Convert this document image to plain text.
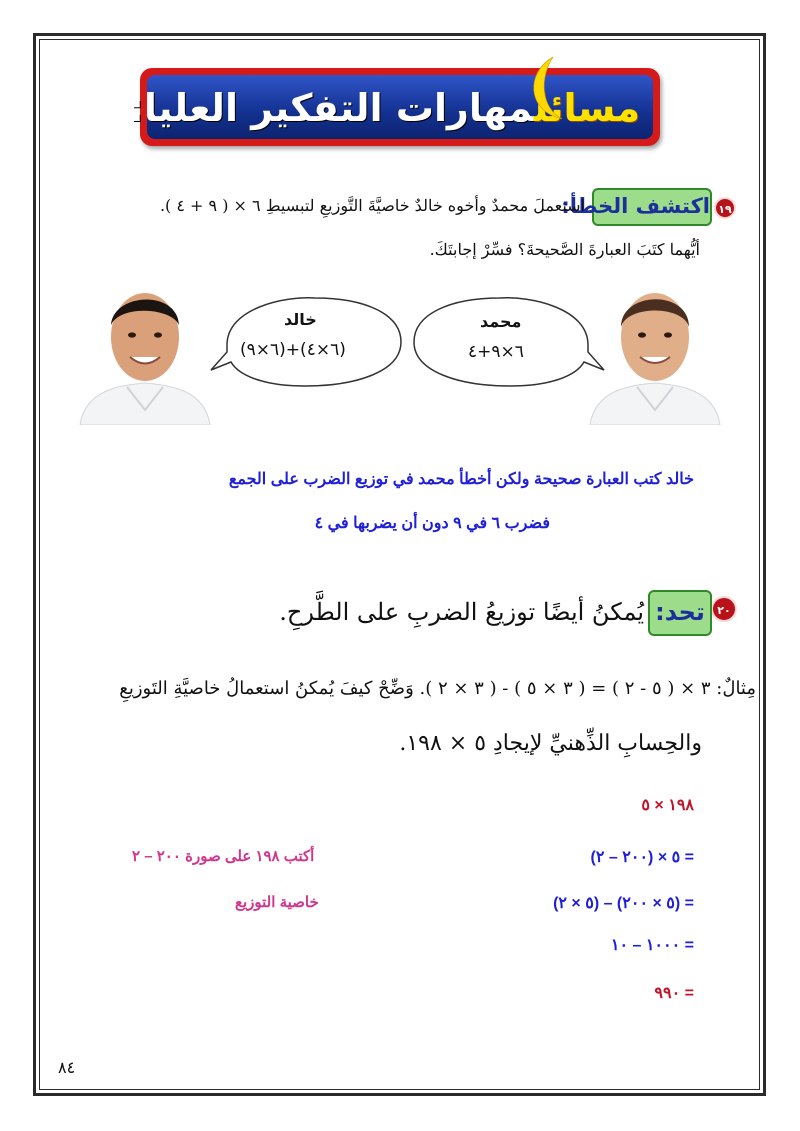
مسائلمهارات التفكير العليا:
١٩
اكتشف الخطأ:
استعملَ محمدٌ وأخوه خالدٌ خاصيَّةَ التَّوزيعِ لتبسيطِ ٦ × ( ٩ + ٤ ).
أيُّهما كتَبَ العبارةَ الصَّحيحةَ؟ فسِّرْ إجابتَكَ.
خالد
(٦×٩)+(٦×٤)
محمد
٦×٩+٤
خالد كتب العبارة صحيحة ولكن أخطأ محمد في توزيع الضرب على الجمع
فضرب ٦ في ٩ دون أن يضربها في ٤
٢٠
تحد:
يُمكنُ أيضًا توزيعُ الضربِ على الطَّرحِ.
مِثالٌ: ٣ × ( ٥ - ٢ ) = ( ٣ × ٥ ) - ( ٣ × ٢ ). وَضِّحْ كيفَ يُمكنُ استعمالُ خاصيَّةِ التَوزيعِ
والحِسابِ الذِّهنيِّ لإيجادِ ٥ × ١٩٨.
١٩٨ × ٥
= ٥ × (٢٠٠ – ٢)
= (٥ × ٢٠٠) – (٥ × ٢)
= ١٠٠٠ – ١٠
= ٩٩٠
أكتب ١٩٨ على صورة ٢٠٠ – ٢
خاصية التوزيع
٨٤
